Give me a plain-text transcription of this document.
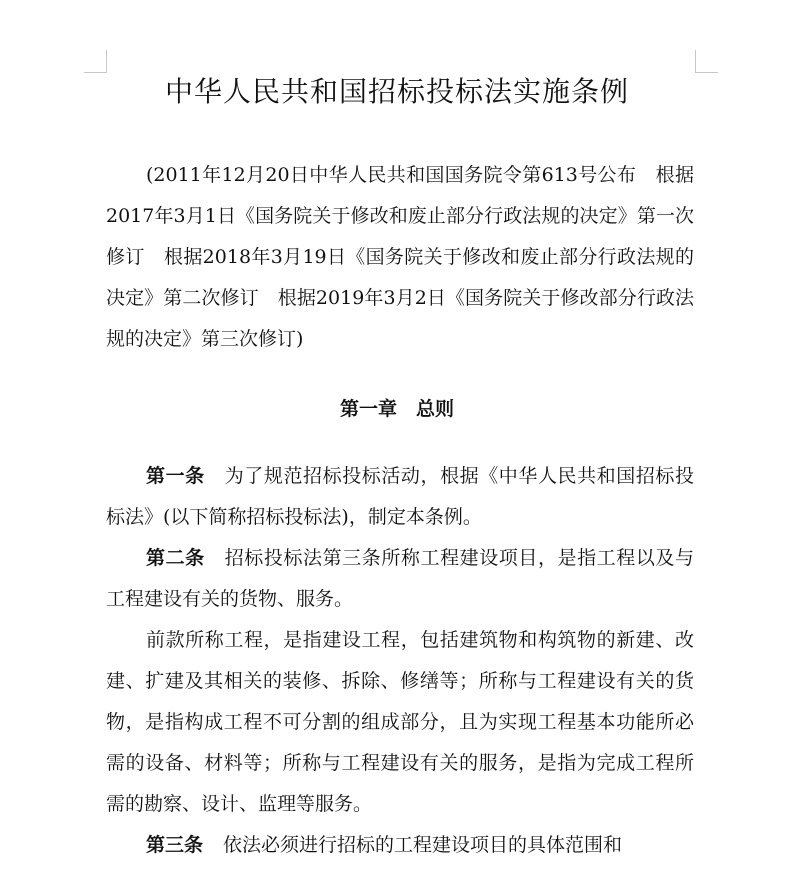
中华人民共和国招标投标法实施条例

(2011年12月20日中华人民共和国国务院令第613号公布　根据2017年3月1日《国务院关于修改和废止部分行政法规的决定》第一次修订　根据2018年3月19日《国务院关于修改和废止部分行政法规的决定》第二次修订　根据2019年3月2日《国务院关于修改部分行政法规的决定》第三次修订)

第一章　总则

第一条 为了规范招标投标活动，根据《中华人民共和国招标投标法》(以下简称招标投标法)，制定本条例。

第二条 招标投标法第三条所称工程建设项目，是指工程以及与工程建设有关的货物、服务。

前款所称工程，是指建设工程，包括建筑物和构筑物的新建、改建、扩建及其相关的装修、拆除、修缮等；所称与工程建设有关的货物，是指构成工程不可分割的组成部分，且为实现工程基本功能所必需的设备、材料等；所称与工程建设有关的服务，是指为完成工程所需的勘察、设计、监理等服务。

第三条 依法必须进行招标的工程建设项目的具体范围和
